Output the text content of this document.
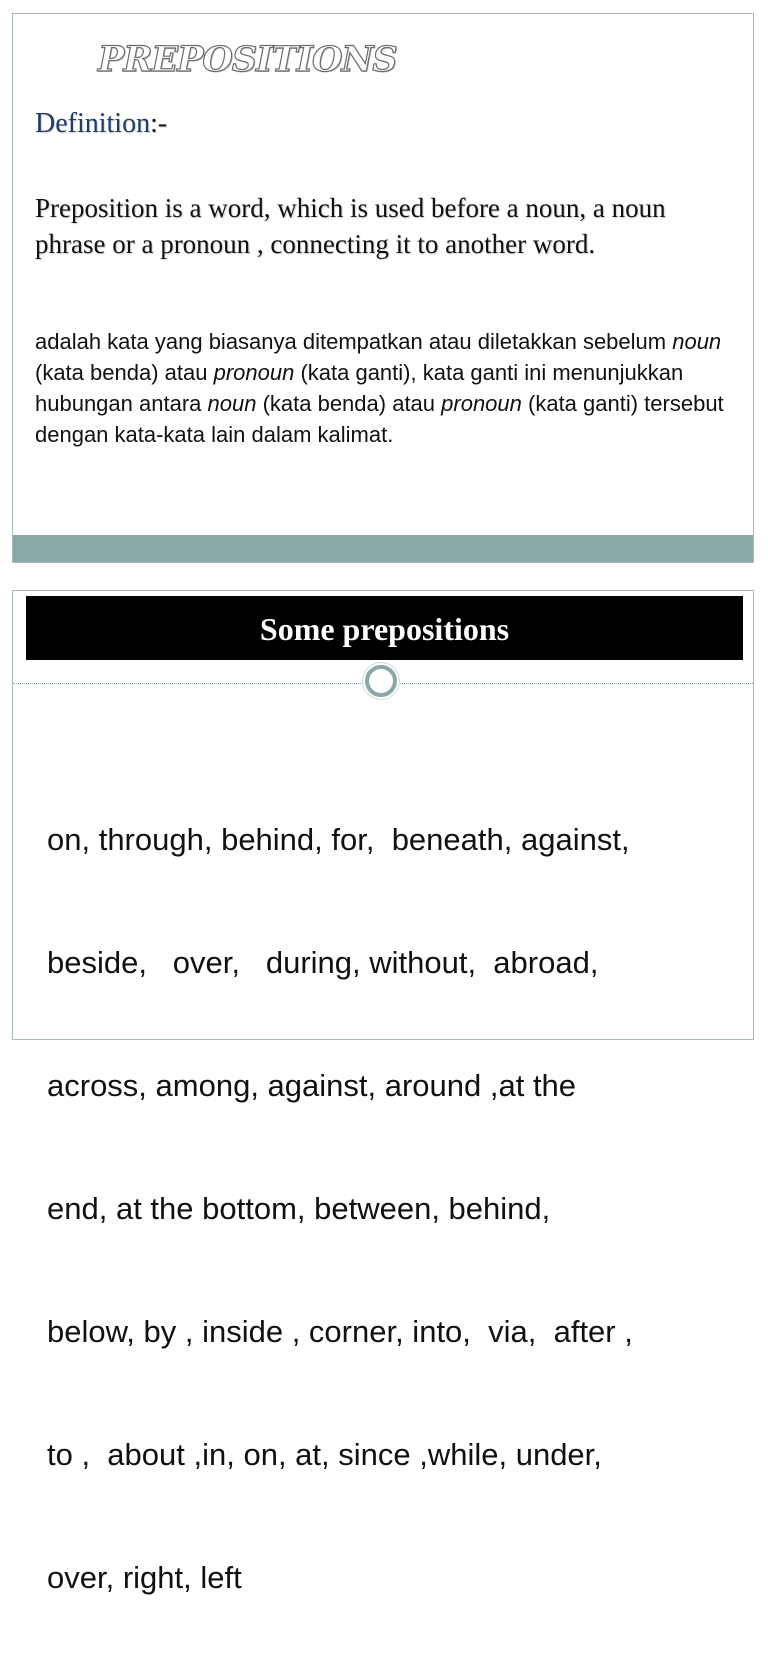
PREPOSITIONS

Definition:-

Preposition is a word, which is used before a noun, a noun phrase or a pronoun , connecting it to another word.

adalah kata yang biasanya ditempatkan atau diletakkan sebelum noun (kata benda) atau pronoun (kata ganti), kata ganti ini menunjukkan hubungan antara noun (kata benda) atau pronoun (kata ganti) tersebut dengan kata-kata lain dalam kalimat.

Some prepositions

on, through, behind, for,  beneath, against,

beside,   over,   during, without,  abroad,

across, among, against, around ,at the

end, at the bottom, between, behind,

below, by , inside , corner, into,  via,  after ,

to ,  about ,in, on, at, since ,while, under,

over, right, left
